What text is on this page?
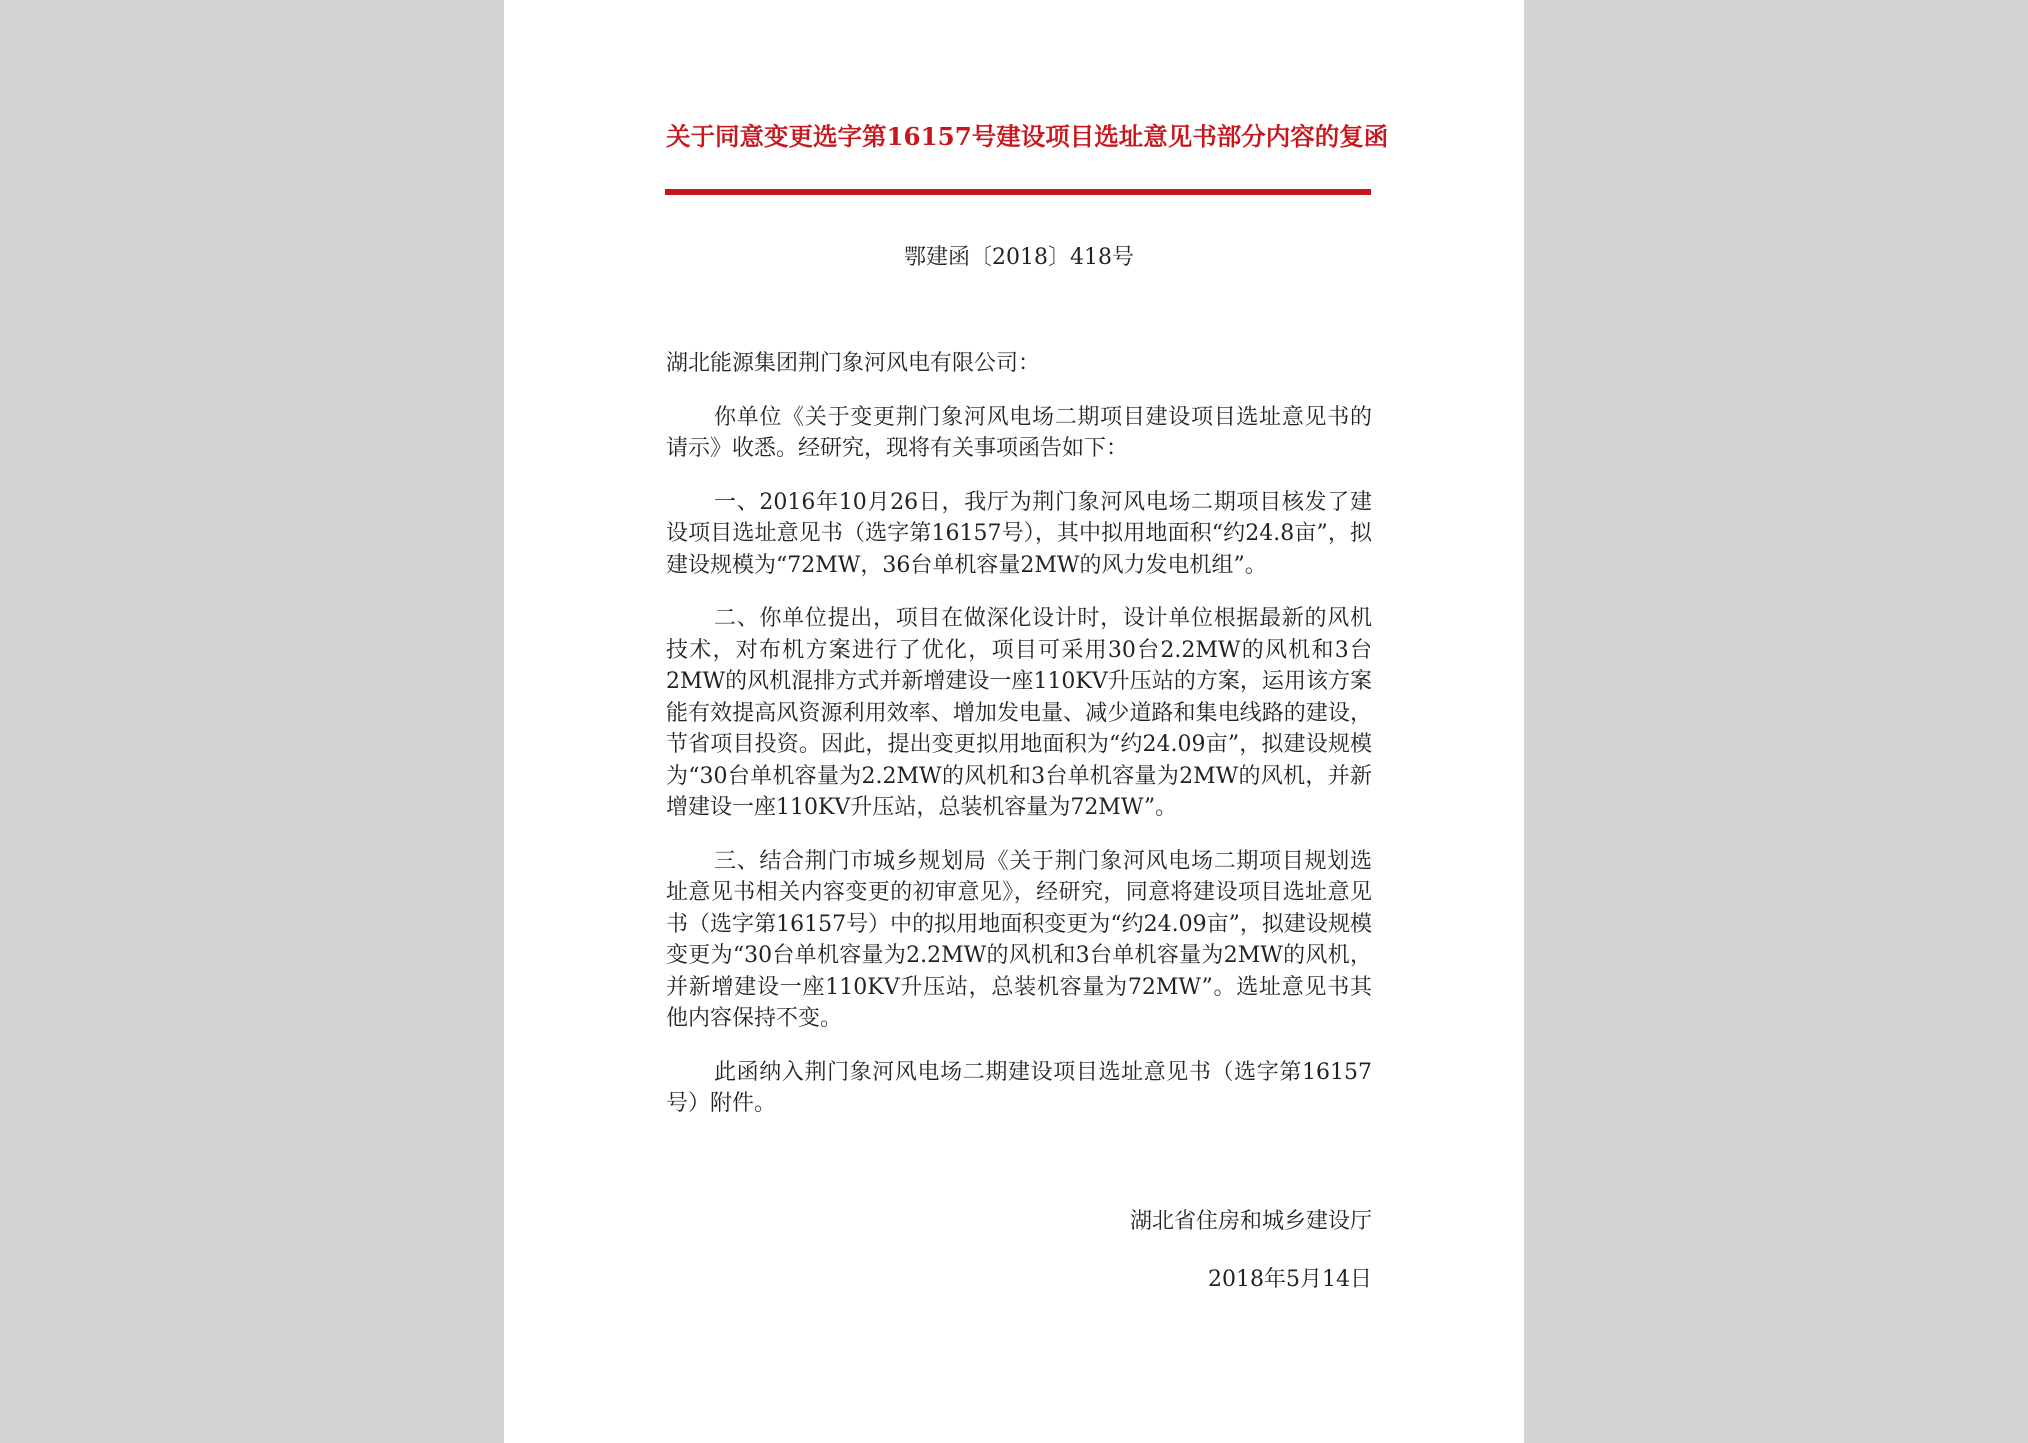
关于同意变更选字第16157号建设项目选址意见书部分内容的复函
鄂建函〔2018〕418号

湖北能源集团荆门象河风电有限公司：

你单位《关于变更荆门象河风电场二期项目建设项目选址意见书的请示》收悉。经研究，现将有关事项函告如下：

一、2016年10月26日，我厅为荆门象河风电场二期项目核发了建设项目选址意见书（选字第16157号），其中拟用地面积“约24.8亩”，拟建设规模为“72MW，36台单机容量2MW的风力发电机组”。

二、你单位提出，项目在做深化设计时，设计单位根据最新的风机技术，对布机方案进行了优化，项目可采用30台2.2MW的风机和3台2MW的风机混排方式并新增建设一座110KV升压站的方案，运用该方案能有效提高风资源利用效率、增加发电量、减少道路和集电线路的建设，节省项目投资。因此，提出变更拟用地面积为“约24.09亩”，拟建设规模为“30台单机容量为2.2MW的风机和3台单机容量为2MW的风机，并新增建设一座110KV升压站，总装机容量为72MW”。

三、结合荆门市城乡规划局《关于荆门象河风电场二期项目规划选址意见书相关内容变更的初审意见》，经研究，同意将建设项目选址意见书（选字第16157号）中的拟用地面积变更为“约24.09亩”，拟建设规模变更为“30台单机容量为2.2MW的风机和3台单机容量为2MW的风机，并新增建设一座110KV升压站，总装机容量为72MW”。选址意见书其他内容保持不变。

此函纳入荆门象河风电场二期建设项目选址意见书（选字第16157号）附件。

湖北省住房和城乡建设厅
2018年5月14日
